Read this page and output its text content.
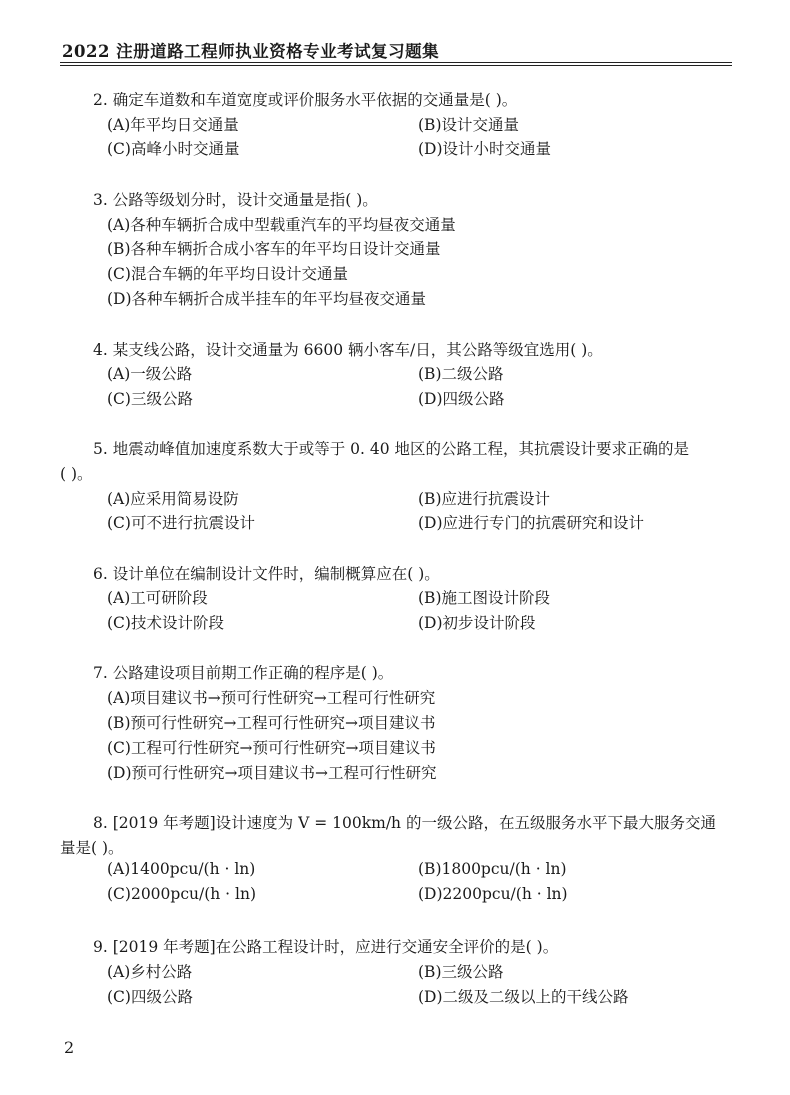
2022 注册道路工程师执业资格专业考试复习题集
2. 确定车道数和车道宽度或评价服务水平依据的交通量是( )。
(A)年平均日交通量	(B)设计交通量
(C)高峰小时交通量	(D)设计小时交通量
3. 公路等级划分时，设计交通量是指( )。
(A)各种车辆折合成中型载重汽车的平均昼夜交通量
(B)各种车辆折合成小客车的年平均日设计交通量
(C)混合车辆的年平均日设计交通量
(D)各种车辆折合成半挂车的年平均昼夜交通量
4. 某支线公路，设计交通量为 6600 辆小客车/日，其公路等级宜选用( )。
(A)一级公路	(B)二级公路
(C)三级公路	(D)四级公路
5. 地震动峰值加速度系数大于或等于 0. 40 地区的公路工程，其抗震设计要求正确的是
( )。
(A)应采用简易设防	(B)应进行抗震设计
(C)可不进行抗震设计	(D)应进行专门的抗震研究和设计
6. 设计单位在编制设计文件时，编制概算应在( )。
(A)工可研阶段	(B)施工图设计阶段
(C)技术设计阶段	(D)初步设计阶段
7. 公路建设项目前期工作正确的程序是( )。
(A)项目建议书→预可行性研究→工程可行性研究
(B)预可行性研究→工程可行性研究→项目建议书
(C)工程可行性研究→预可行性研究→项目建议书
(D)预可行性研究→项目建议书→工程可行性研究
8. [2019 年考题]设计速度为 V = 100km/h 的一级公路，在五级服务水平下最大服务交通
量是( )。
(A)1400pcu/(h · ln)	(B)1800pcu/(h · ln)
(C)2000pcu/(h · ln)	(D)2200pcu/(h · ln)
9. [2019 年考题]在公路工程设计时，应进行交通安全评价的是( )。
(A)乡村公路	(B)三级公路
(C)四级公路	(D)二级及二级以上的干线公路
2
